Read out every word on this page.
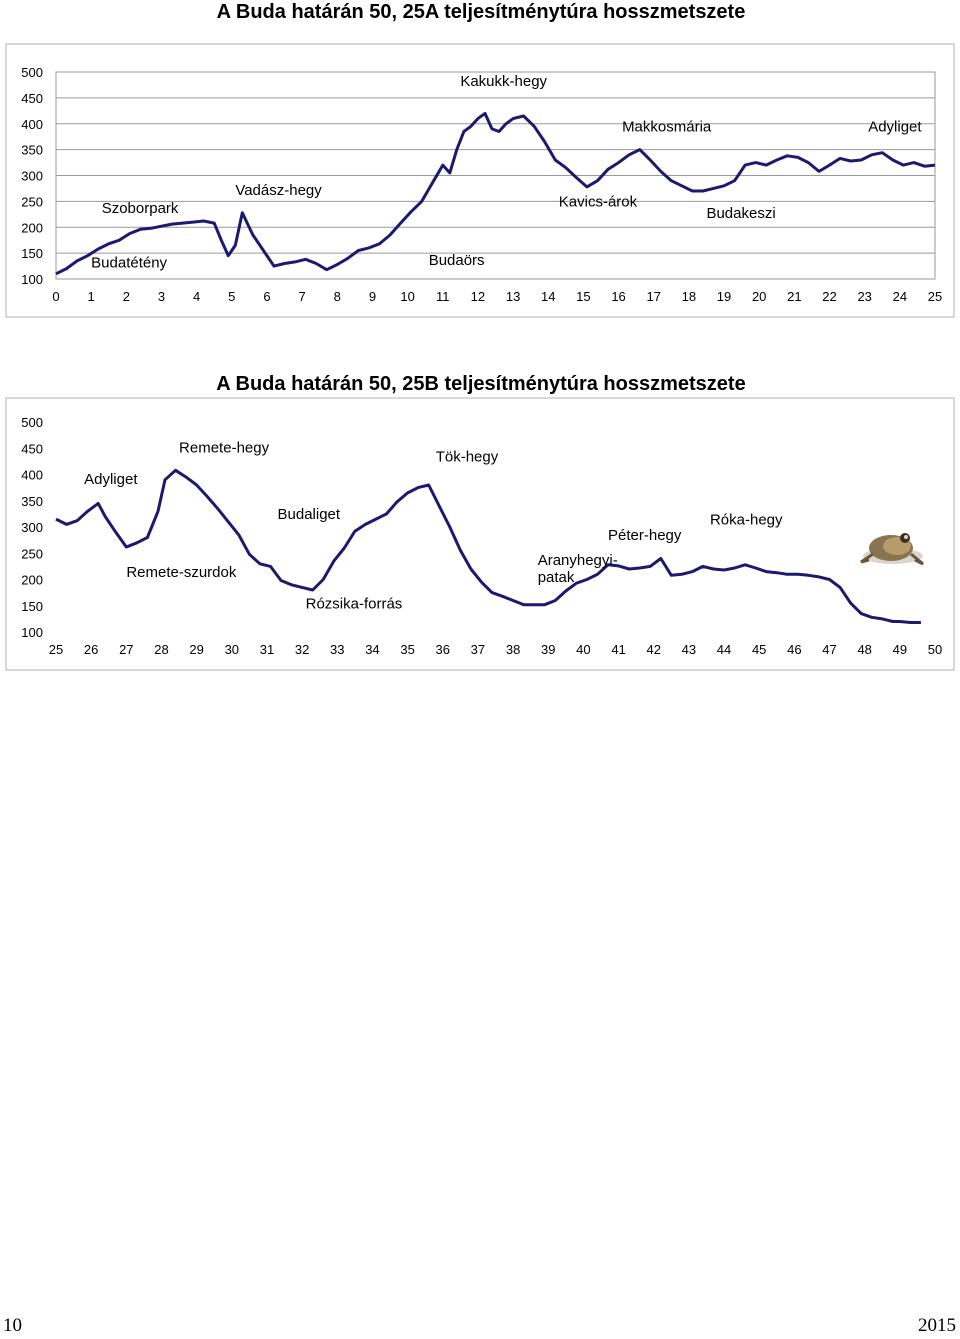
A Buda határán 50, 25A teljesítménytúra hosszmetszete
100
150
200
250
300
350
400
450
500
0 1 2 3 4 5 6 7 8 9 10 11 12 13 14 15 16 17 18 19 20 21 22 23 24 25
Budatétény
Szoborpark
Vadász-hegy
Budaörs
Kakukk-hegy
Kavics-árok
Makkosmária
Budakeszi
Adyliget
A Buda határán 50, 25B teljesítménytúra hosszmetszete
100
150
200
250
300
350
400
450
500
25 26 27 28 29 30 31 32 33 34 35 36 37 38 39 40 41 42 43 44 45 46 47 48 49 50
Adyliget
Remete-hegy
Remete-szurdok
Budaliget
Rózsika-forrás
Tök-hegy
Aranyhegyi-
patak
Péter-hegy
Róka-hegy
10	2015
